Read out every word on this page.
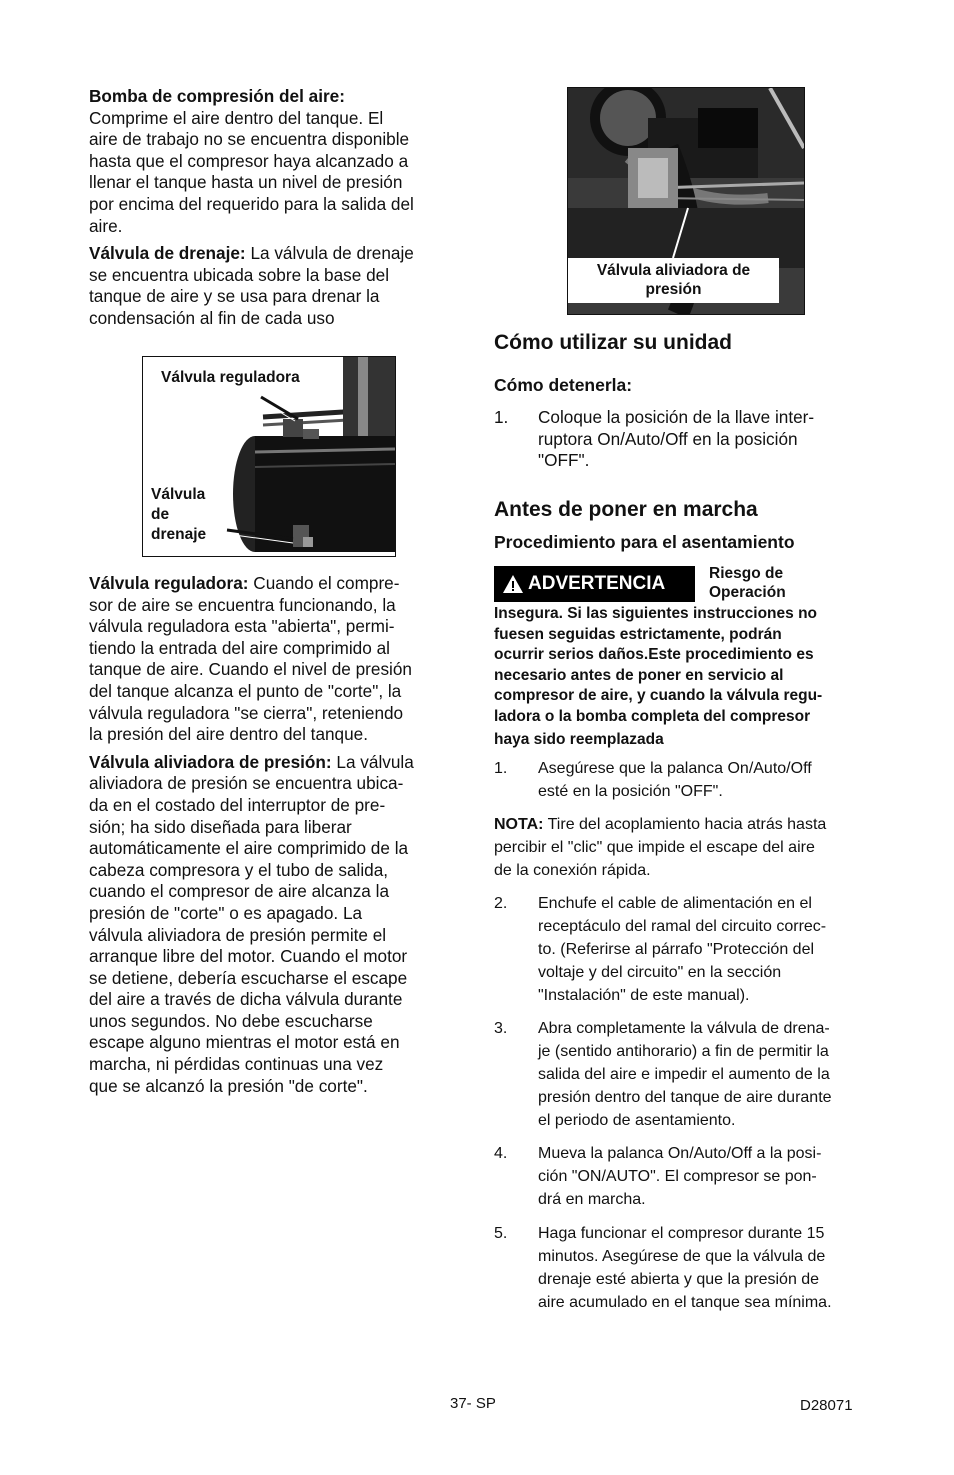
Bomba de compresión del aire:
Comprime el aire dentro del tanque. El
aire de trabajo no se encuentra disponible
hasta que el compresor haya alcanzado a
llenar el tanque hasta un nivel de presión
por encima del requerido para la salida del
aire.

Válvula de drenaje: La válvula de drenaje
se encuentra ubicada sobre la base del
tanque de aire y se usa para drenar la
condensación al fin de cada uso

Válvula reguladora
Válvula
de
drenaje

Válvula reguladora: Cuando el compre-
sor de aire se encuentra funcionando, la
válvula reguladora esta "abierta", permi-
tiendo la entrada del aire comprimido al
tanque de aire. Cuando el nivel de presión
del tanque alcanza el punto de "corte", la
válvula reguladora "se cierra", reteniendo
la presión del aire dentro del tanque.

Válvula aliviadora de presión: La válvula
aliviadora de presión se encuentra ubica-
da en el costado del interruptor de pre-
sión; ha sido diseñada para liberar
automáticamente el aire comprimido de la
cabeza compresora y el tubo de salida,
cuando el compresor de aire alcanza la
presión de "corte" o es apagado. La
válvula aliviadora de presión permite el
arranque libre del motor. Cuando el motor
se detiene, debería escucharse el escape
del aire a través de dicha válvula durante
unos segundos. No debe escucharse
escape alguno mientras el motor está en
marcha, ni pérdidas continuas una vez
que se alcanzó la presión "de corte".

Válvula aliviadora de
presión
Cómo utilizar su unidad
Cómo detenerla:
1. Coloque la posición de la llave inter-
ruptora On/Auto/Off en la posición
"OFF".
Antes de poner en marcha
Procedimiento para el asentamiento
ADVERTENCIA	Riesgo de
Operación
Insegura. Si las siguientes instrucciones no
fuesen seguidas estrictamente, podrán
ocurrir serios daños.Este procedimiento es
necesario antes de poner en servicio al
compresor de aire, y cuando la válvula regu-
ladora o la bomba completa del compresor
haya sido reemplazada
1. Asegúrese que la palanca On/Auto/Off
esté en la posición "OFF".
NOTA: Tire del acoplamiento hacia atrás hasta
percibir el "clic" que impide el escape del aire
de la conexión rápida.
2. Enchufe el cable de alimentación en el
receptáculo del ramal del circuito correc-
to. (Referirse al párrafo "Protección del
voltaje y del circuito" en la sección
"Instalación" de este manual).
3. Abra completamente la válvula de drena-
je (sentido antihorario) a fin de permitir la
salida del aire e impedir el aumento de la
presión dentro del tanque de aire durante
el periodo de asentamiento.
4. Mueva la palanca On/Auto/Off a la posi-
ción "ON/AUTO". El compresor se pon-
drá en marcha.
5. Haga funcionar el compresor durante 15
minutos. Asegúrese de que la válvula de
drenaje esté abierta y que la presión de
aire acumulado en el tanque sea mínima.
37- SP	D28071
